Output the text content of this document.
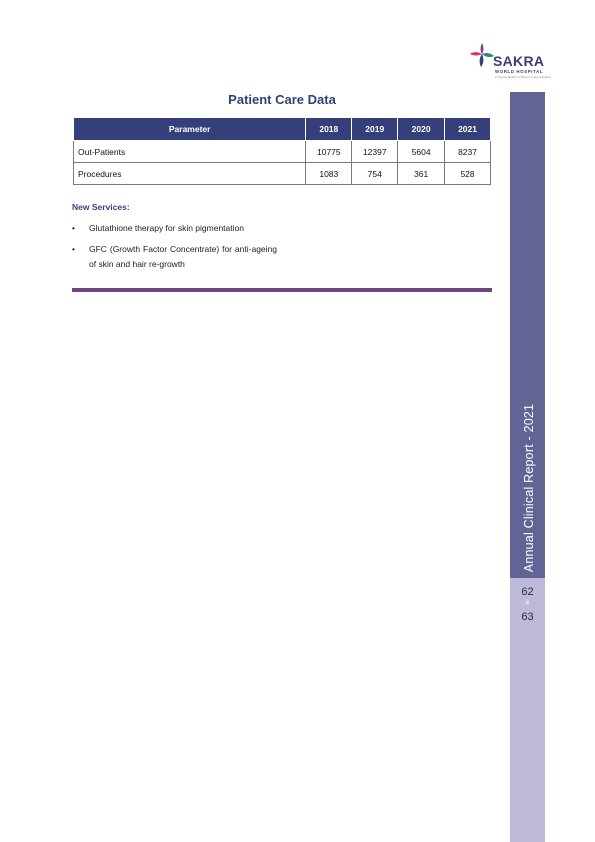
SAKRA
WORLD HOSPITAL
A Toyota Tsusho & Secom Group Hospital
Annual Clinical Report - 2021
62
&
63
Patient Care Data
Parameter	2018	2019	2020	2021
Out-Patients	10775	12397	5604	8237
Procedures	1083	754	361	528
New Services:
• Glutathione therapy for skin pigmentation
• GFC (Growth Factor Concentrate) for anti-ageing of skin and hair re-growth
